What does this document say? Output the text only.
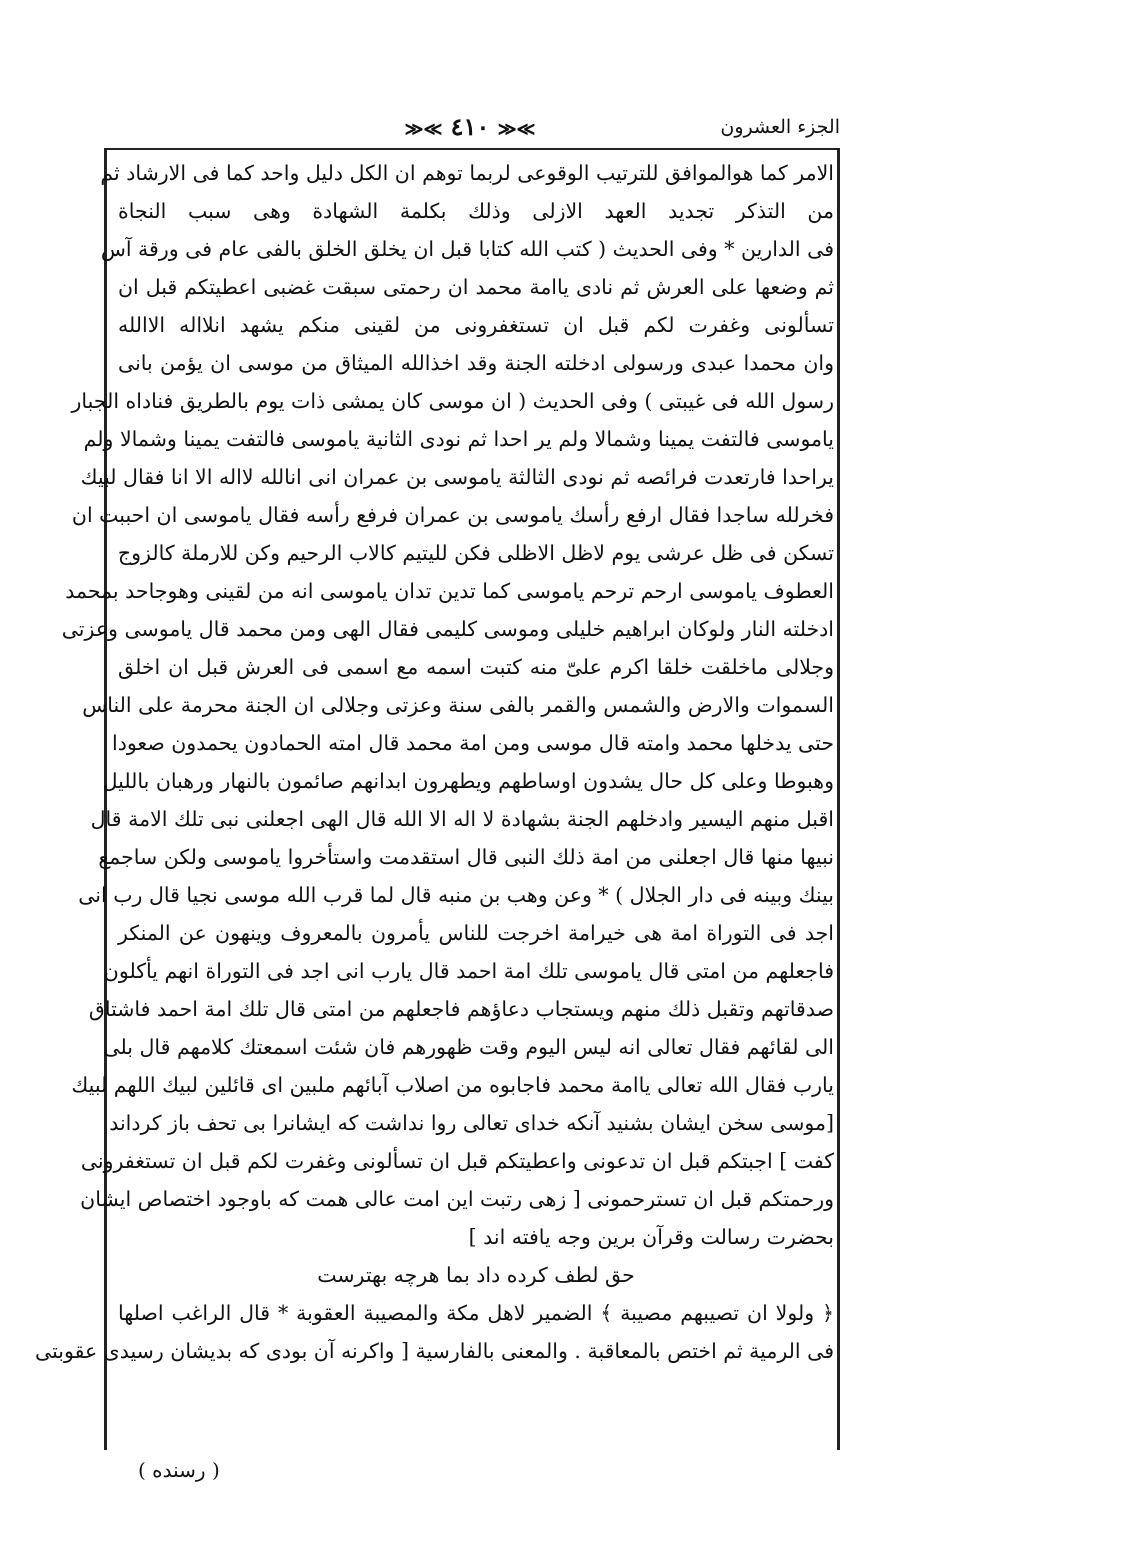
الجزء العشرون
≫≪ ٤١٠ ≫≪
الامر كما هوالموافق للترتيب الوقوعى لربما توهم ان الكل دليل واحد كما فى الارشاد ثم
من التذكر تجديد العهد الازلى وذلك بكلمة الشهادة وهى سبب النجاة
فى الدارين * وفى الحديث ( كتب الله كتابا قبل ان يخلق الخلق بالفى عام فى ورقة آس
ثم وضعها على العرش ثم نادى ياامة محمد ان رحمتى سبقت غضبى اعطيتكم قبل ان
تسألونى وغفرت لكم قبل ان تستغفرونى من لقينى منكم يشهد انلااله الاالله
وان محمدا عبدى ورسولى ادخلته الجنة وقد اخذالله الميثاق من موسى ان يؤمن بانى
رسول الله فى غيبتى ) وفى الحديث ( ان موسى كان يمشى ذات يوم بالطريق فناداه الجبار
ياموسى فالتفت يمينا وشمالا ولم ير احدا ثم نودى الثانية ياموسى فالتفت يمينا وشمالا ولم
يراحدا فارتعدت فرائصه ثم نودى الثالثة ياموسى بن عمران انى انالله لااله الا انا فقال لبيك
فخرلله ساجدا فقال ارفع رأسك ياموسى بن عمران فرفع رأسه فقال ياموسى ان احببت ان
تسكن فى ظل عرشى يوم لاظل الاظلى فكن لليتيم كالاب الرحيم وكن للارملة كالزوج
العطوف ياموسى ارحم ترحم ياموسى كما تدين تدان ياموسى انه من لقينى وهوجاحد بمحمد
ادخلته النار ولوكان ابراهيم خليلى وموسى كليمى فقال الهى ومن محمد قال ياموسى وعزتى
وجلالى ماخلقت خلقا اكرم علىّ منه كتبت اسمه مع اسمى فى العرش قبل ان اخلق
السموات والارض والشمس والقمر بالفى سنة وعزتى وجلالى ان الجنة محرمة على الناس
حتى يدخلها محمد وامته قال موسى ومن امة محمد قال امته الحمادون يحمدون صعودا
وهبوطا وعلى كل حال يشدون اوساطهم ويطهرون ابدانهم صائمون بالنهار ورهبان بالليل
اقبل منهم اليسير وادخلهم الجنة بشهادة لا اله الا الله قال الهى اجعلنى نبى تلك الامة قال
نبيها منها قال اجعلنى من امة ذلك النبى قال استقدمت واستأخروا ياموسى ولكن ساجمع
بينك وبينه فى دار الجلال ) * وعن وهب بن منبه قال لما قرب الله موسى نجيا قال رب انى
اجد فى التوراة امة هى خيرامة اخرجت للناس يأمرون بالمعروف وينهون عن المنكر
فاجعلهم من امتى قال ياموسى تلك امة احمد قال يارب انى اجد فى التوراة انهم يأكلون
صدقاتهم وتقبل ذلك منهم ويستجاب دعاؤهم فاجعلهم من امتى قال تلك امة احمد فاشتاق
الى لقائهم فقال تعالى انه ليس اليوم وقت ظهورهم فان شئت اسمعتك كلامهم قال بلى
يارب فقال الله تعالى ياامة محمد فاجابوه من اصلاب آبائهم ملبين اى قائلين لبيك اللهم لبيك
[موسى سخن ايشان بشنيد آنكه خداى تعالى روا نداشت كه ايشانرا بى تحف باز كرداند
كفت ] اجبتكم قبل ان تدعونى واعطيتكم قبل ان تسألونى وغفرت لكم قبل ان تستغفرونى
ورحمتكم قبل ان تسترحمونى [ زهى رتبت اين امت عالى همت كه باوجود اختصاص ايشان
بحضرت رسالت وقرآن برين وجه يافته اند ]
حق لطف كرده داد بما هرچه بهترست
﴿ ولولا ان تصيبهم مصيبة ﴾ الضمير لاهل مكة والمصيبة العقوبة * قال الراغب اصلها
فى الرمية ثم اختص بالمعاقبة . والمعنى بالفارسية [ واكرنه آن بودى كه بديشان رسيدى عقوبتى
( رسنده )
